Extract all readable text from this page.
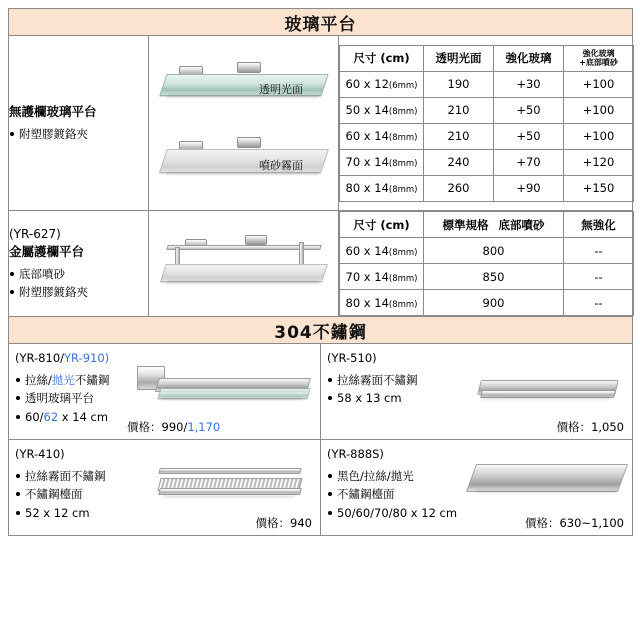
玻璃平台

無護欄玻璃平台
附塑膠鍍鉻夾

透明光面
噴砂霧面

尺寸 (cm)	透明光面	強化玻璃	強化玻璃
+底部噴砂

60 x 12(6mm)	190	+30	+100
50 x 14(8mm)	210	+50	+100
60 x 14(8mm)	210	+50	+100
70 x 14(8mm)	240	+70	+120
80 x 14(8mm)	260	+90	+150

(YR-627)
金屬護欄平台
底部噴砂
附塑膠鍍鉻夾

尺寸 (cm)	標準規格 底部噴砂	無強化
60 x 14(8mm)	800	--
70 x 14(8mm)	850	--
80 x 14(8mm)	900	--

304不鏽鋼
(YR-810/YR-910)
拉絲/拋光不鏽鋼
透明玻璃平台
60/62 x 14 cm
價格：990/1,170

(YR-510)
拉絲霧面不鏽鋼
58 x 13 cm
價格：1,050

(YR-410)
拉絲霧面不鏽鋼
不鏽鋼檯面
52 x 12 cm
價格：940

(YR-888S)
黑色/拉絲/拋光
不鏽鋼檯面
50/60/70/80 x 12 cm
價格：630~1,100
